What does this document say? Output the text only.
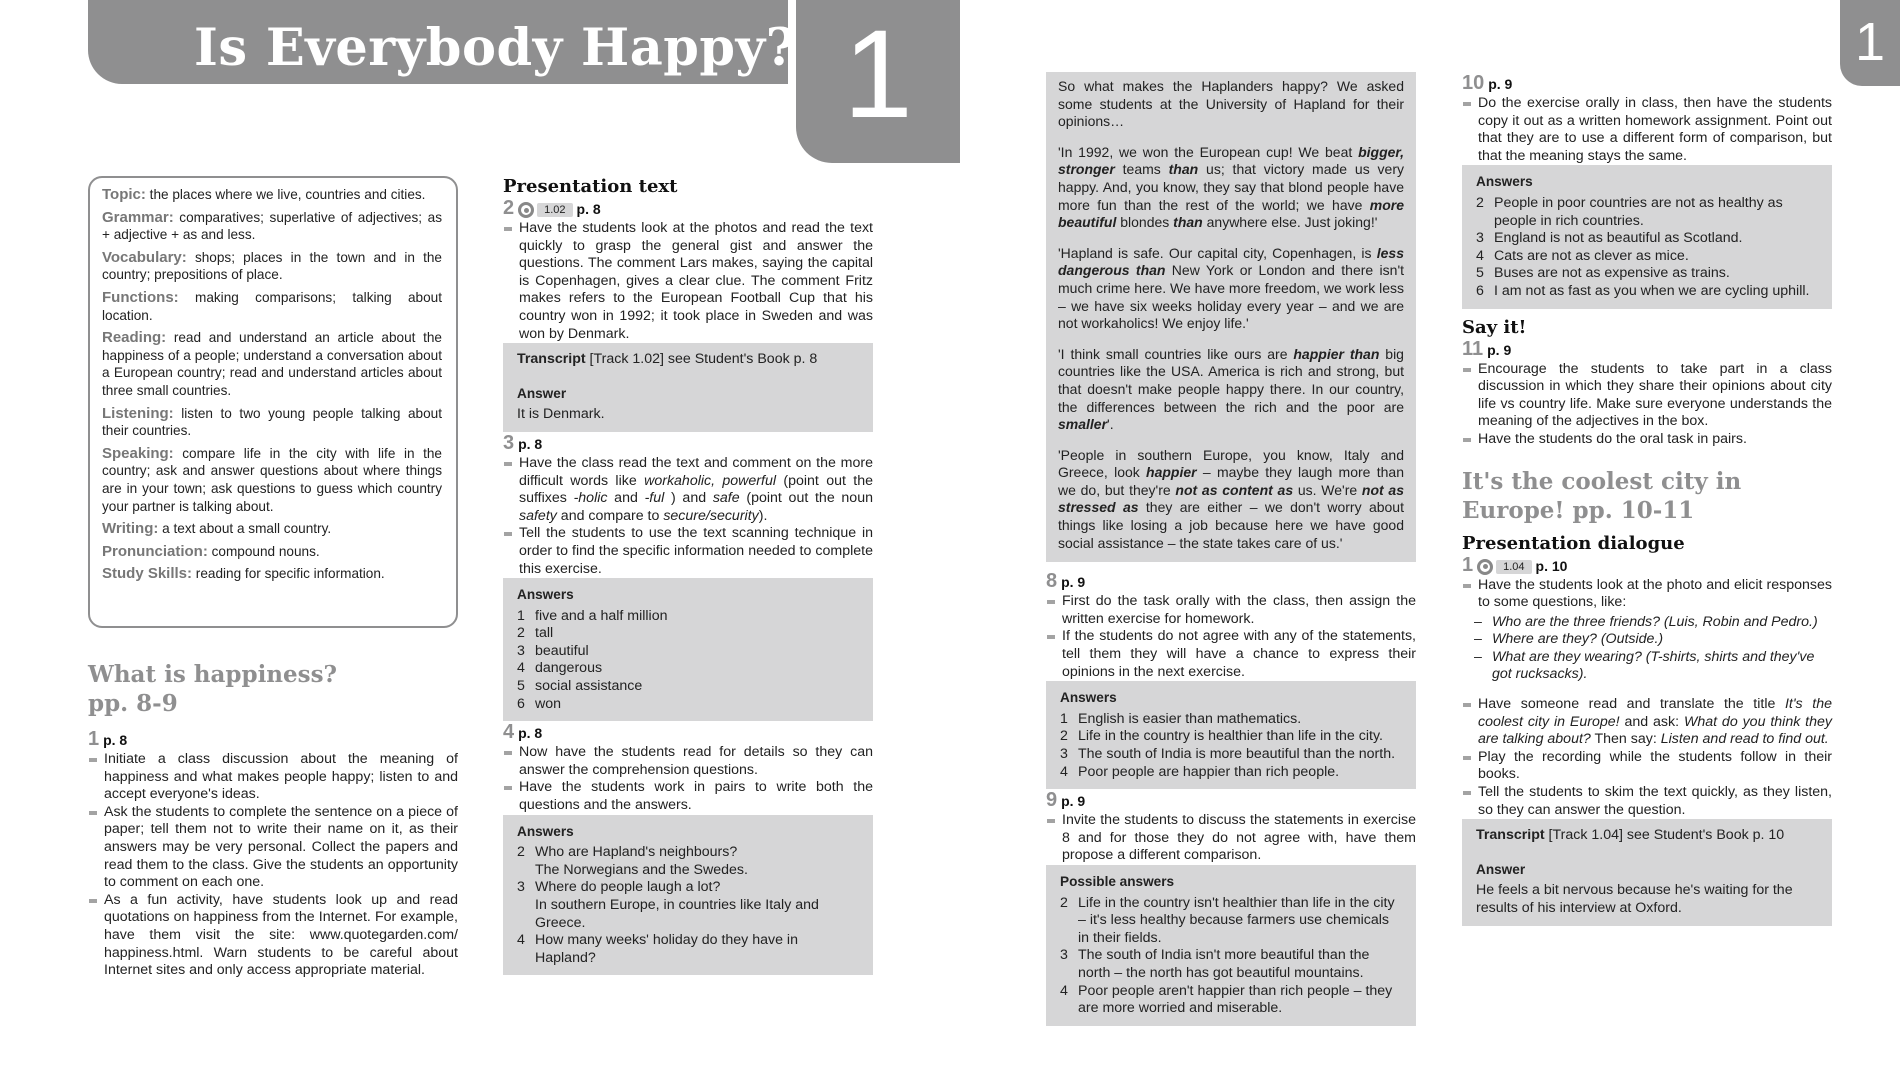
Is Everybody Happy? 1	1
Topic: the places where we live, countries and cities.
Grammar: comparatives; superlative of adjectives; as + adjective + as and less.
Vocabulary: shops; places in the town and in the country; prepositions of place.
Functions: making comparisons; talking about location.
Reading: read and understand an article about the happiness of a people; understand a conversation about a European country; read and understand articles about three small countries.
Listening: listen to two young people talking about their countries.
Speaking: compare life in the city with life in the country; ask and answer questions about where things are in your town; ask questions to guess which country your partner is talking about.
Writing: a text about a small country.
Pronunciation: compound nouns.
Study Skills: reading for specific information.
What is happiness?
pp. 8-9
1 p. 8
Initiate a class discussion about the meaning of happiness and what makes people happy; listen to and accept everyone's ideas.
Ask the students to complete the sentence on a piece of paper; tell them not to write their name on it, as their answers may be very personal. Collect the papers and read them to the class. Give the students an opportunity to comment on each one.
As a fun activity, have students look up and read quotations on happiness from the Internet. For example, have them visit the site: www.quotegarden.com/ happiness.html. Warn students to be careful about Internet sites and only access appropriate material.
Presentation text
2	1.02 p. 8
Have the students look at the photos and read the text quickly to grasp the general gist and answer the questions. The comment Lars makes, saying the capital is Copenhagen, gives a clear clue. The comment Fritz makes refers to the European Football Cup that his country won in 1992; it took place in Sweden and was won by Denmark.
Transcript [Track 1.02] see Student's Book p. 8
Answer
It is Denmark.
3 p. 8
Have the class read the text and comment on the more difficult words like workaholic, powerful (point out the suffixes -holic and -ful ) and safe (point out the noun safety and compare to secure/security).
Tell the students to use the text scanning technique in order to find the specific information needed to complete this exercise.
Answers
1 five and a half million
2 tall
3 beautiful
4 dangerous
5 social assistance
6 won
4 p. 8
Now have the students read for details so they can answer the comprehension questions.
Have the students work in pairs to write both the questions and the answers.
Answers
2 Who are Hapland's neighbours?
The Norwegians and the Swedes.
3 Where do people laugh a lot?
In southern Europe, in countries like Italy and Greece.
4 How many weeks' holiday do they have in Hapland?

So what makes the Haplanders happy? We asked some students at the University of Hapland for their opinions…

'In 1992, we won the European cup! We beat bigger, stronger teams than us; that victory made us very happy. And, you know, they say that blond people have more fun than the rest of the world; we have more beautiful blondes than anywhere else. Just joking!'

'Hapland is safe. Our capital city, Copenhagen, is less dangerous than New York or London and there isn't much crime here. We have more freedom, we work less – we have six weeks holiday every year – and we are not workaholics! We enjoy life.'

'I think small countries like ours are happier than big countries like the USA. America is rich and strong, but that doesn't make people happy there. In our country, the differences between the rich and the poor are smaller'.

'People in southern Europe, you know, Italy and Greece, look happier – maybe they laugh more than we do, but they're not as content as us. We're not as stressed as they are either – we don't worry about things like losing a job because here we have good social assistance – the state takes care of us.'

8 p. 9
First do the task orally with the class, then assign the written exercise for homework.
If the students do not agree with any of the statements, tell them they will have a chance to express their opinions in the next exercise.
Answers
1 English is easier than mathematics.
2 Life in the country is healthier than life in the city.
3 The south of India is more beautiful than the north.
4 Poor people are happier than rich people.
9 p. 9
Invite the students to discuss the statements in exercise 8 and for those they do not agree with, have them propose a different comparison.
Possible answers
2 Life in the country isn't healthier than life in the city – it's less healthy because farmers use chemicals in their fields.
3 The south of India isn't more beautiful than the north – the north has got beautiful mountains.
4 Poor people aren't happier than rich people – they are more worried and miserable.
10 p. 9
Do the exercise orally in class, then have the students copy it out as a written homework assignment. Point out that they are to use a different form of comparison, but that the meaning stays the same.
Answers
2 People in poor countries are not as healthy as people in rich countries.
3 England is not as beautiful as Scotland.
4 Cats are not as clever as mice.
5 Buses are not as expensive as trains.
6 I am not as fast as you when we are cycling uphill.
Say it!
11 p. 9
Encourage the students to take part in a class discussion in which they share their opinions about city life vs country life. Make sure everyone understands the meaning of the adjectives in the box.
Have the students do the oral task in pairs.
It's the coolest city in
Europe! pp. 10-11
Presentation dialogue
1	1.04 p. 10
Have the students look at the photo and elicit responses to some questions, like:
– Who are the three friends? (Luis, Robin and Pedro.)
– Where are they? (Outside.)
– What are they wearing? (T-shirts, shirts and they've got rucksacks).
Have someone read and translate the title It's the coolest city in Europe! and ask: What do you think they are talking about? Then say: Listen and read to find out.
Play the recording while the students follow in their books.
Tell the students to skim the text quickly, as they listen, so they can answer the question.
Transcript [Track 1.04] see Student's Book p. 10
Answer
He feels a bit nervous because he's waiting for the results of his interview at Oxford.
